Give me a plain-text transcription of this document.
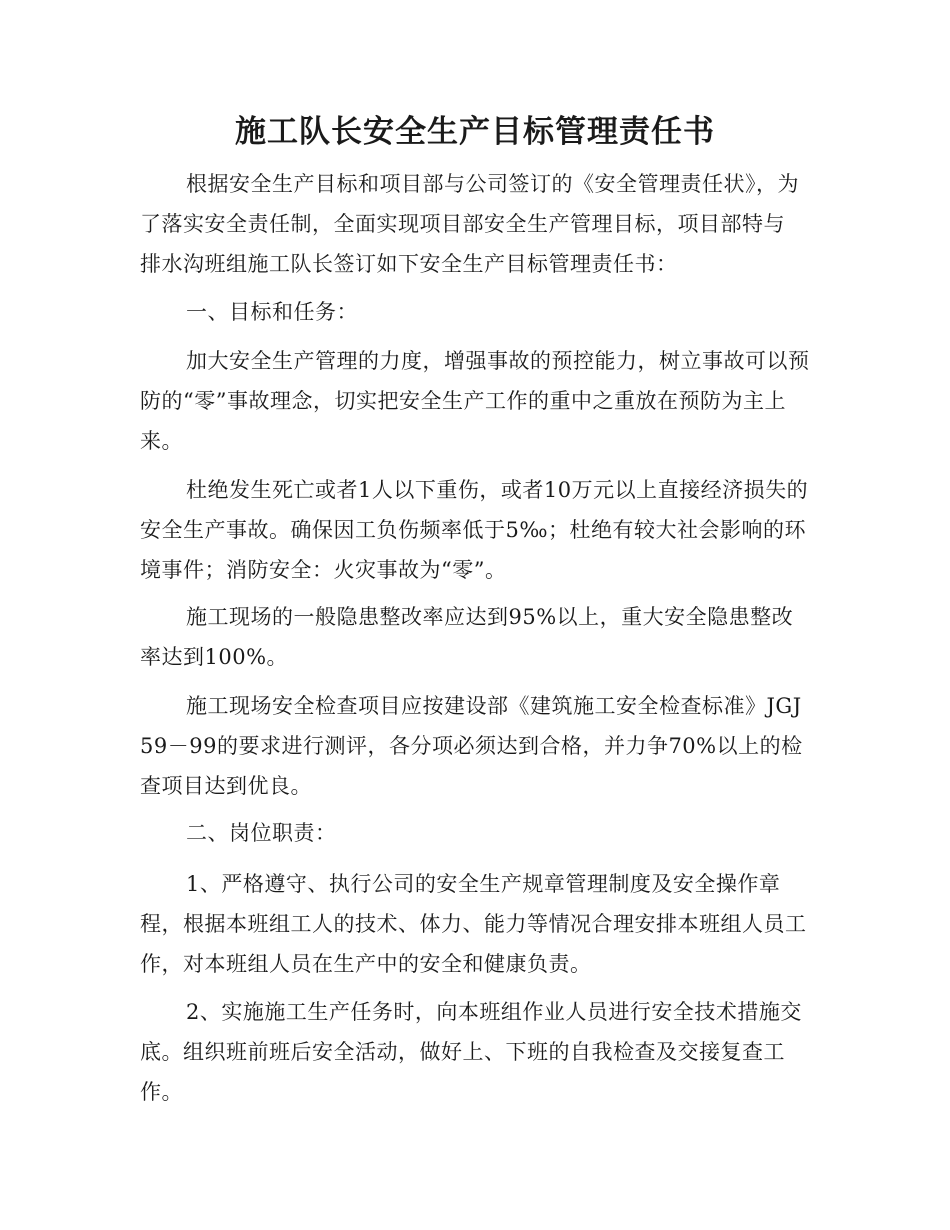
施工队长安全生产目标管理责任书

根据安全生产目标和项目部与公司签订的《安全管理责任状》，为了落实安全责任制，全面实现项目部安全生产管理目标，项目部特与 排水沟班组施工队长签订如下安全生产目标管理责任书：

一、目标和任务：

加大安全生产管理的力度，增强事故的预控能力，树立事故可以预防的“零”事故理念，切实把安全生产工作的重中之重放在预防为主上来。

杜绝发生死亡或者1人以下重伤，或者10万元以上直接经济损失的安全生产事故。确保因工负伤频率低于5‰；杜绝有较大社会影响的环境事件；消防安全：火灾事故为“零”。

施工现场的一般隐患整改率应达到95%以上，重大安全隐患整改率达到100%。

施工现场安全检查项目应按建设部《建筑施工安全检查标准》JGJ59－99的要求进行测评，各分项必须达到合格，并力争70%以上的检查项目达到优良。

二、岗位职责：

1、严格遵守、执行公司的安全生产规章管理制度及安全操作章程，根据本班组工人的技术、体力、能力等情况合理安排本班组人员工作，对本班组人员在生产中的安全和健康负责。

2、实施施工生产任务时，向本班组作业人员进行安全技术措施交底。组织班前班后安全活动，做好上、下班的自我检查及交接复查工作。
